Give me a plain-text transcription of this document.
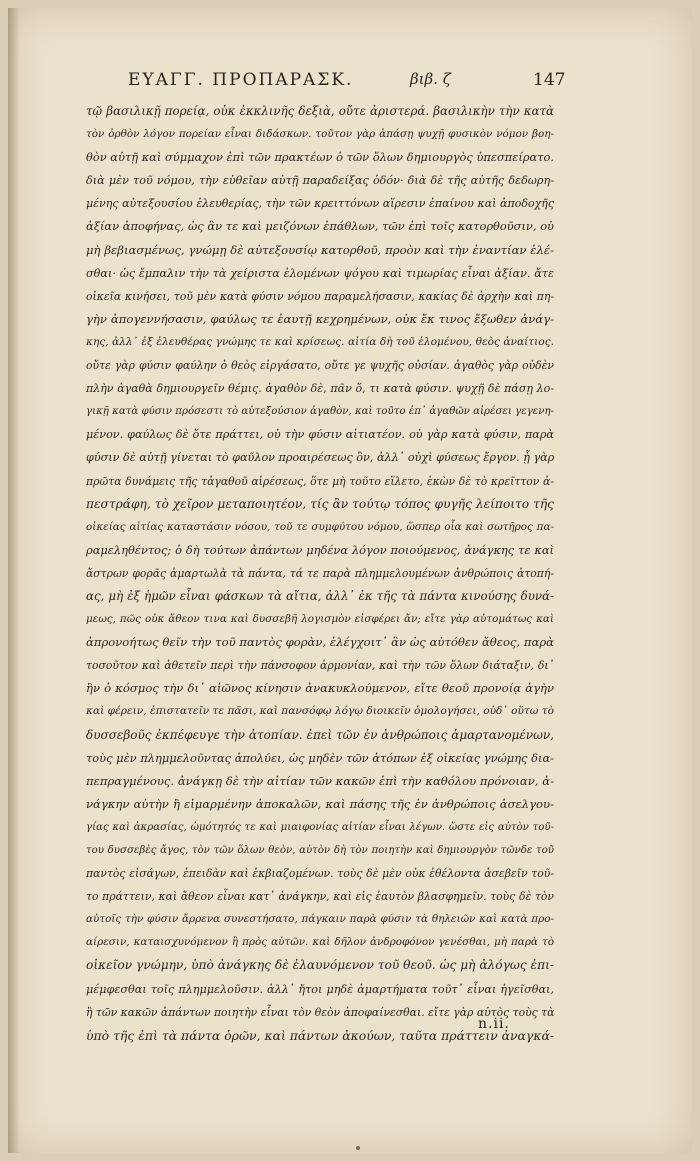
ΕΥΑΓΓ. ΠΡΟΠΑΡΑΣΚ.	βιβ. ζ	147
τῷ βασιλικῇ πορείᾳ, οὐκ ἐκκλινῆς δεξιὰ, οὔτε ἀριστερά. βασιλικὴν τὴν κατὰ
τὸν ὀρθὸν λόγον πορείαν εἶναι διδάσκων. τοῦτον γὰρ ἁπάσῃ ψυχῇ φυσικὸν νόμον βοη-
θὸν αὐτῇ καὶ σύμμαχον ἐπὶ τῶν πρακτέων ὁ τῶν ὅλων δημιουργὸς ὑπεσπείρατο.
διὰ μὲν τοῦ νόμου, τὴν εὐθεῖαν αὐτῇ παραδείξας ὁδόν· διὰ δὲ τῆς αὐτῆς δεδωρη-
μένης αὐτεξουσίου ἐλευθερίας, τὴν τῶν κρειττόνων αἵρεσιν ἐπαίνου καὶ ἀποδοχῆς
ἀξίαν ἀποφήνας, ὡς ἂν τε καὶ μειζόνων ἐπάθλων, τῶν ἐπὶ τοῖς κατορθοῦσιν, οὐ
μὴ βεβιασμένως, γνώμῃ δὲ αὐτεξουσίῳ κατορθοῦ, προὸν καὶ τὴν ἐναντίαν ἑλέ-
σθαι· ὡς ἔμπαλιν τὴν τὰ χείριστα ἑλομένων ψόγου καὶ τιμωρίας εἶναι ἀξίαν. ἅτε
οἰκεῖα κινήσει, τοῦ μὲν κατὰ φύσιν νόμου παραμελήσασιν, κακίας δὲ ἀρχὴν καὶ πη-
γὴν ἀπογεννήσασιν, φαύλως τε ἑαυτῇ κεχρημένων, οὐκ ἔκ τινος ἔξωθεν ἀνάγ-
κης, ἀλλ᾽ ἐξ ἐλευθέρας γνώμης τε καὶ κρίσεως. αἰτία δὴ τοῦ ἑλομένου, θεὸς ἀναίτιος.
οὔτε γὰρ φύσιν φαύλην ὁ θεὸς εἰργάσατο, οὔτε γε ψυχῆς οὐσίαν. ἀγαθὸς γὰρ οὐδὲν
πλὴν ἀγαθὰ δημιουργεῖν θέμις. ἀγαθὸν δὲ, πᾶν ὅ, τι κατὰ φύσιν. ψυχῇ δὲ πάσῃ λο-
γικῇ κατὰ φύσιν πρόσεστι τὸ αὐτεξούσιον ἀγαθὸν, καὶ τοῦτο ἐπ᾽ ἀγαθῶν αἱρέσει γεγενη-
μένον. φαύλως δὲ ὅτε πράττει, οὐ τὴν φύσιν αἰτιατέον. οὐ γὰρ κατὰ φύσιν, παρὰ
φύσιν δὲ αὐτῇ γίνεται τὸ φαῦλον προαιρέσεως ὂν, ἀλλ᾽ οὐχὶ φύσεως ἔργον. ᾗ γὰρ
πρῶτα δυνάμεις τῆς τἀγαθοῦ αἱρέσεως, ὅτε μὴ τοῦτο εἵλετο, ἑκὼν δὲ τὸ κρεῖττον ἀ-
πεστράφη, τὸ χεῖρον μεταποιητέον, τίς ἂν τούτῳ τόπος φυγῆς λείποιτο τῆς
οἰκείας αἰτίας καταστάσιν νόσου, τοῦ τε συμφύτου νόμου, ὥσπερ οἷα καὶ σωτῆρος πα-
ραμεληθέντος; ὁ δὴ τούτων ἀπάντων μηδένα λόγον ποιούμενος, ἀνάγκης τε καὶ
ἄστρων φορᾶς ἁμαρτωλὰ τὰ πάντα, τά τε παρὰ πλημμελουμένων ἀνθρώποις ἀτοπή-
ας, μὴ ἐξ ἡμῶν εἶναι φάσκων τὰ αἴτια, ἀλλ᾽ ἐκ τῆς τὰ πάντα κινούσης δυνά-
μεως, πῶς οὐκ ἄθεον τινα καὶ δυσσεβῆ λογισμὸν εἰσφέρει ἄν; εἴτε γὰρ αὐτομάτως καὶ
ἀπρονοήτως θεῖν τὴν τοῦ παντὸς φορὰν, ἐλέγχοιτ᾽ ἂν ὡς αὐτόθεν ἄθεος, παρὰ
τοσοῦτον καὶ ἀθετεῖν περὶ τὴν πάνσοφον ἁρμονίαν, καὶ τὴν τῶν ὅλων διάταξιν, δι᾽
ἣν ὁ κόσμος τὴν δι᾽ αἰῶνος κίνησιν ἀνακυκλούμενον, εἴτε θεοῦ προνοίᾳ ἀγὴν
καὶ φέρειν, ἐπιστατεῖν τε πᾶσι, καὶ πανσόφῳ λόγῳ διοικεῖν ὁμολογήσει, οὐδ᾽ οὕτω τὸ
δυσσεβοῦς ἐκπέφευγε τὴν ἀτοπίαν. ἐπεὶ τῶν ἐν ἀνθρώποις ἁμαρτανομένων,
τοὺς μὲν πλημμελοῦντας ἀπολύει, ὡς μηδὲν τῶν ἀτόπων ἐξ οἰκείας γνώμης δια-
πεπραγμένους. ἀνάγκῃ δὲ τὴν αἰτίαν τῶν κακῶν ἐπὶ τὴν καθόλου πρόνοιαν, ἀ-
νάγκην αὐτὴν ἢ εἱμαρμένην ἀποκαλῶν, καὶ πάσης τῆς ἐν ἀνθρώποις ἀσελγου-
γίας καὶ ἀκρασίας, ὠμότητός τε καὶ μιαιφονίας αἰτίαν εἶναι λέγων. ὥστε εἰς αὐτὸν τοῦ-
του δυσσεβὲς ἄγος, τὸν τῶν ὅλων θεὸν, αὐτὸν δὴ τὸν ποιητὴν καὶ δημιουργὸν τῶνδε τοῦ
παντὸς εἰσάγων, ἐπειδὰν καὶ ἐκβιαζομένων. τοὺς δὲ μὲν οὐκ ἐθέλοντα ἀσεβεῖν τοῦ-
το πράττειν, καὶ ἄθεον εἶναι κατ᾽ ἀνάγκην, καὶ εἰς ἑαυτὸν βλασφημεῖν. τοὺς δὲ τὸν
αὐτοῖς τὴν φύσιν ἄρρενα συνεστήσατο, πάγκαιν παρὰ φύσιν τὰ θηλειῶν καὶ κατὰ προ-
αίρεσιν, καταισχυνόμενον ἢ πρὸς αὐτῶν. καὶ δῆλον ἀνδροφόνον γενέσθαι, μὴ παρὰ τὸ
οἰκεῖον γνώμην, ὑπὸ ἀνάγκης δὲ ἐλαυνόμενον τοῦ θεοῦ. ὡς μὴ ἀλόγως ἐπι-
μέμφεσθαι τοῖς πλημμελοῦσιν. ἀλλ᾽ ἤτοι μηδὲ ἁμαρτήματα τοῦτ᾽ εἶναι ἡγεῖσθαι,
ἢ τῶν κακῶν ἀπάντων ποιητὴν εἶναι τὸν θεὸν ἀποφαίνεσθαι. εἴτε γὰρ αὐτὸς τοὺς τὰ
ὑπὸ τῆς ἐπὶ τὰ πάντα ὁρῶν, καὶ πάντων ἀκούων, ταῦτα πράττειν ἀναγκά-
n.ii.
